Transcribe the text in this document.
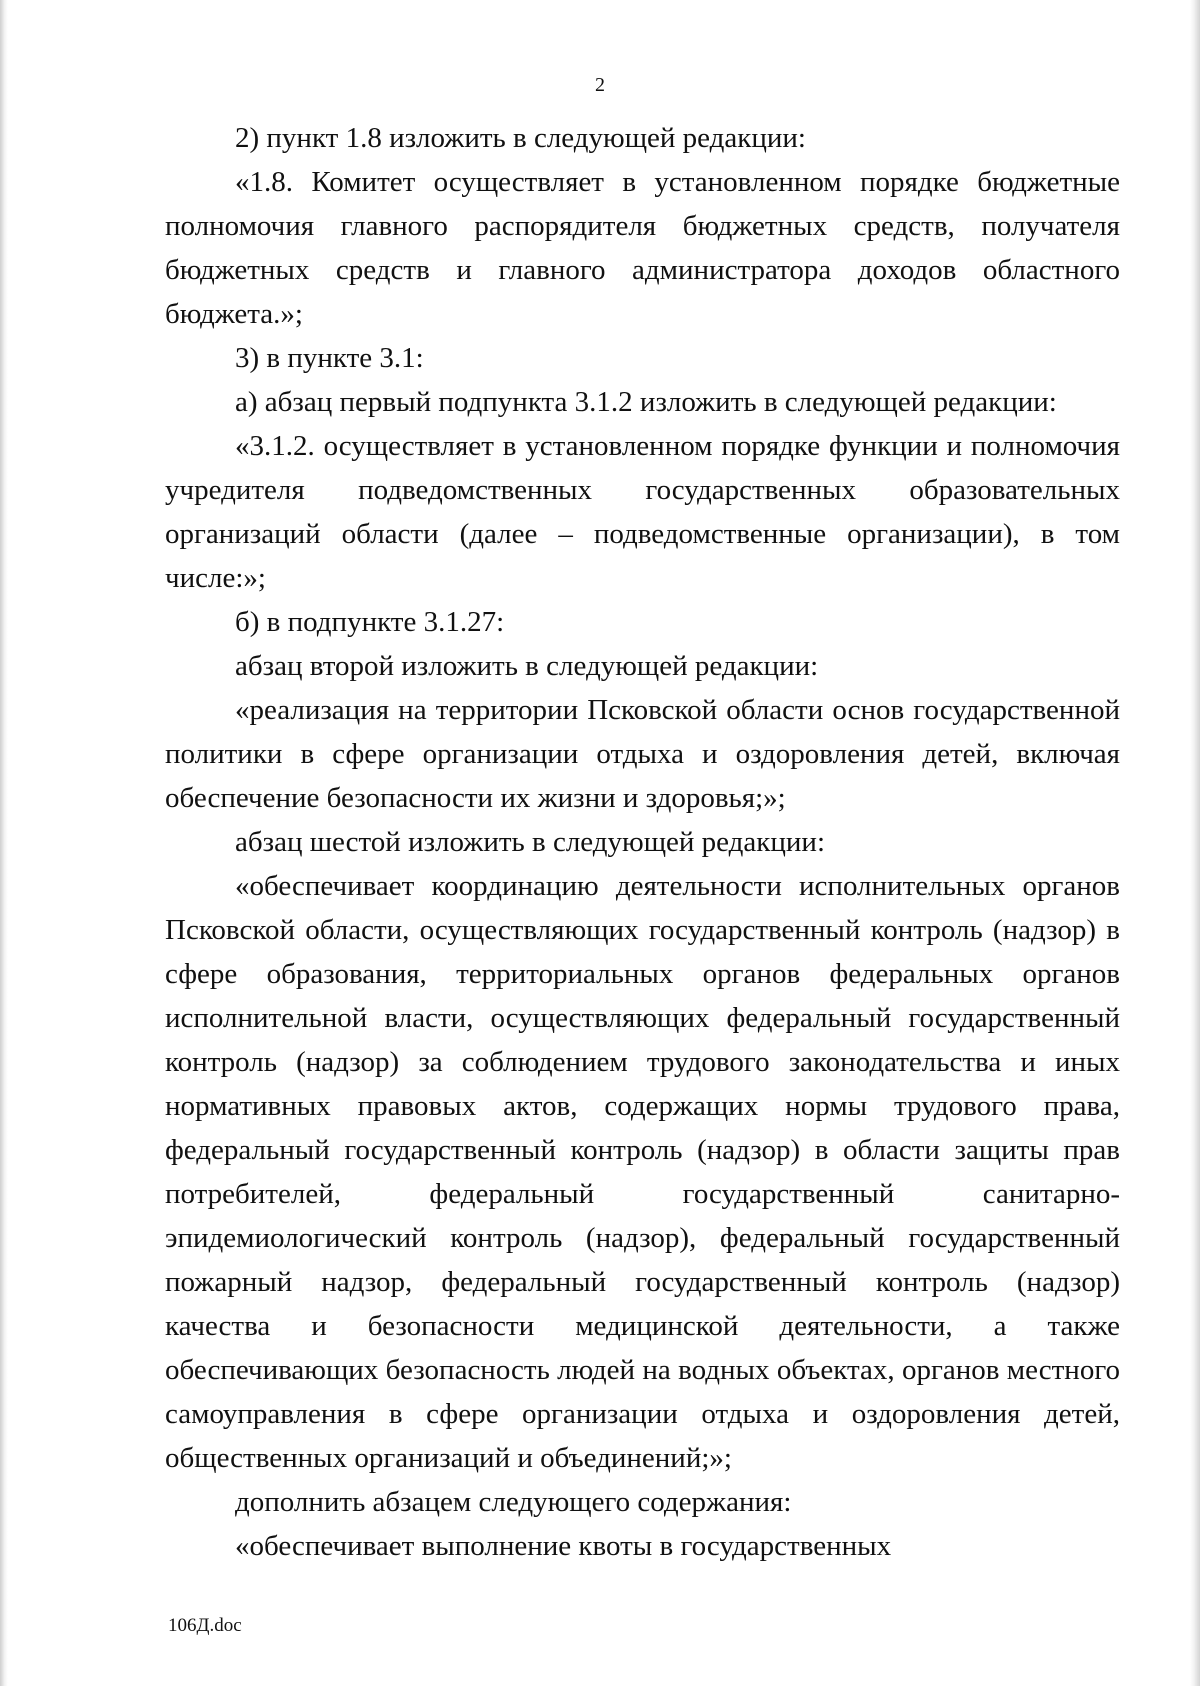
2

2) пункт 1.8 изложить в следующей редакции:

«1.8. Комитет осуществляет в установленном порядке бюджетные полномочия главного распорядителя бюджетных средств, получателя бюджетных средств и главного администратора доходов областного бюджета.»;

3) в пункте 3.1:

а) абзац первый подпункта 3.1.2 изложить в следующей редакции:

«3.1.2. осуществляет в установленном порядке функции и полномочия учредителя подведомственных государственных образовательных организаций области (далее – подведомственные организации), в том числе:»;

б) в подпункте 3.1.27:

абзац второй изложить в следующей редакции:

«реализация на территории Псковской области основ государственной политики в сфере организации отдыха и оздоровления детей, включая обеспечение безопасности их жизни и здоровья;»;

абзац шестой изложить в следующей редакции:

«обеспечивает координацию деятельности исполнительных органов Псковской области, осуществляющих государственный контроль (надзор) в сфере образования, территориальных органов федеральных органов исполнительной власти, осуществляющих федеральный государственный контроль (надзор) за соблюдением трудового законодательства и иных нормативных правовых актов, содержащих нормы трудового права, федеральный государственный контроль (надзор) в области защиты прав потребителей, федеральный государственный санитарно-эпидемиологический контроль (надзор), федеральный государственный пожарный надзор, федеральный государственный контроль (надзор) качества и безопасности медицинской деятельности, а также обеспечивающих безопасность людей на водных объектах, органов местного самоуправления в сфере организации отдыха и оздоровления детей, общественных организаций и объединений;»;

дополнить абзацем следующего содержания:

«обеспечивает выполнение квоты в государственных

106Д.doc
